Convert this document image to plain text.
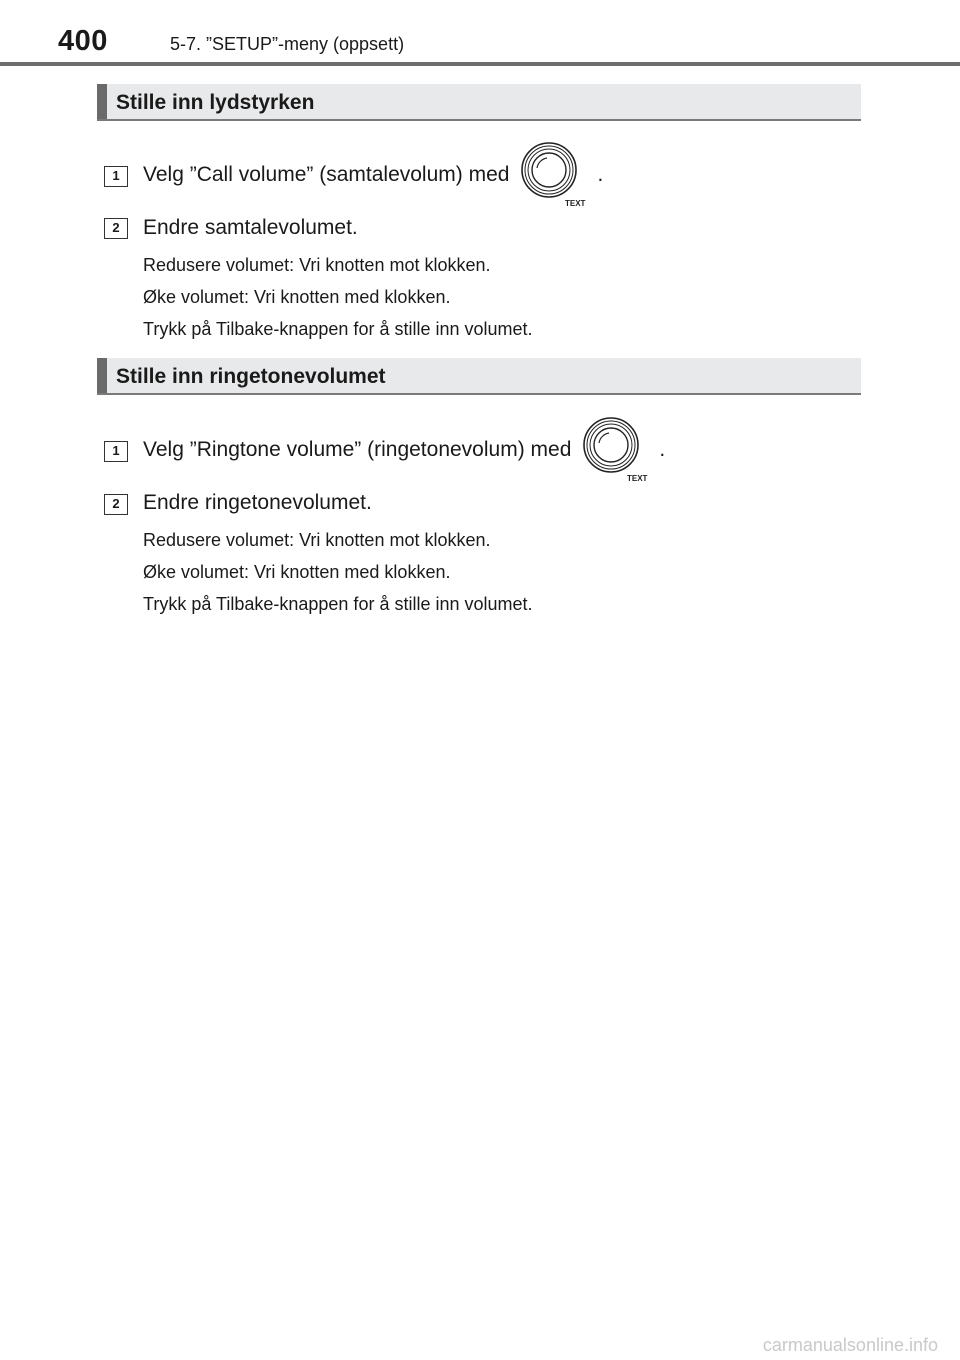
400	5-7. ”SETUP”-meny (oppsett)
Stille inn lydstyrken
1	Velg ”Call volume” (samtalevolum) med
TEXT
.
2	Endre samtalevolumet.
Redusere volumet: Vri knotten mot klokken.
Øke volumet: Vri knotten med klokken.
Trykk på Tilbake-knappen for å stille inn volumet.
Stille inn ringetonevolumet
1	Velg ”Ringtone volume” (ringetonevolum) med
TEXT
.
2	Endre ringetonevolumet.
Redusere volumet: Vri knotten mot klokken.
Øke volumet: Vri knotten med klokken.
Trykk på Tilbake-knappen for å stille inn volumet.
carmanualsonline.info
